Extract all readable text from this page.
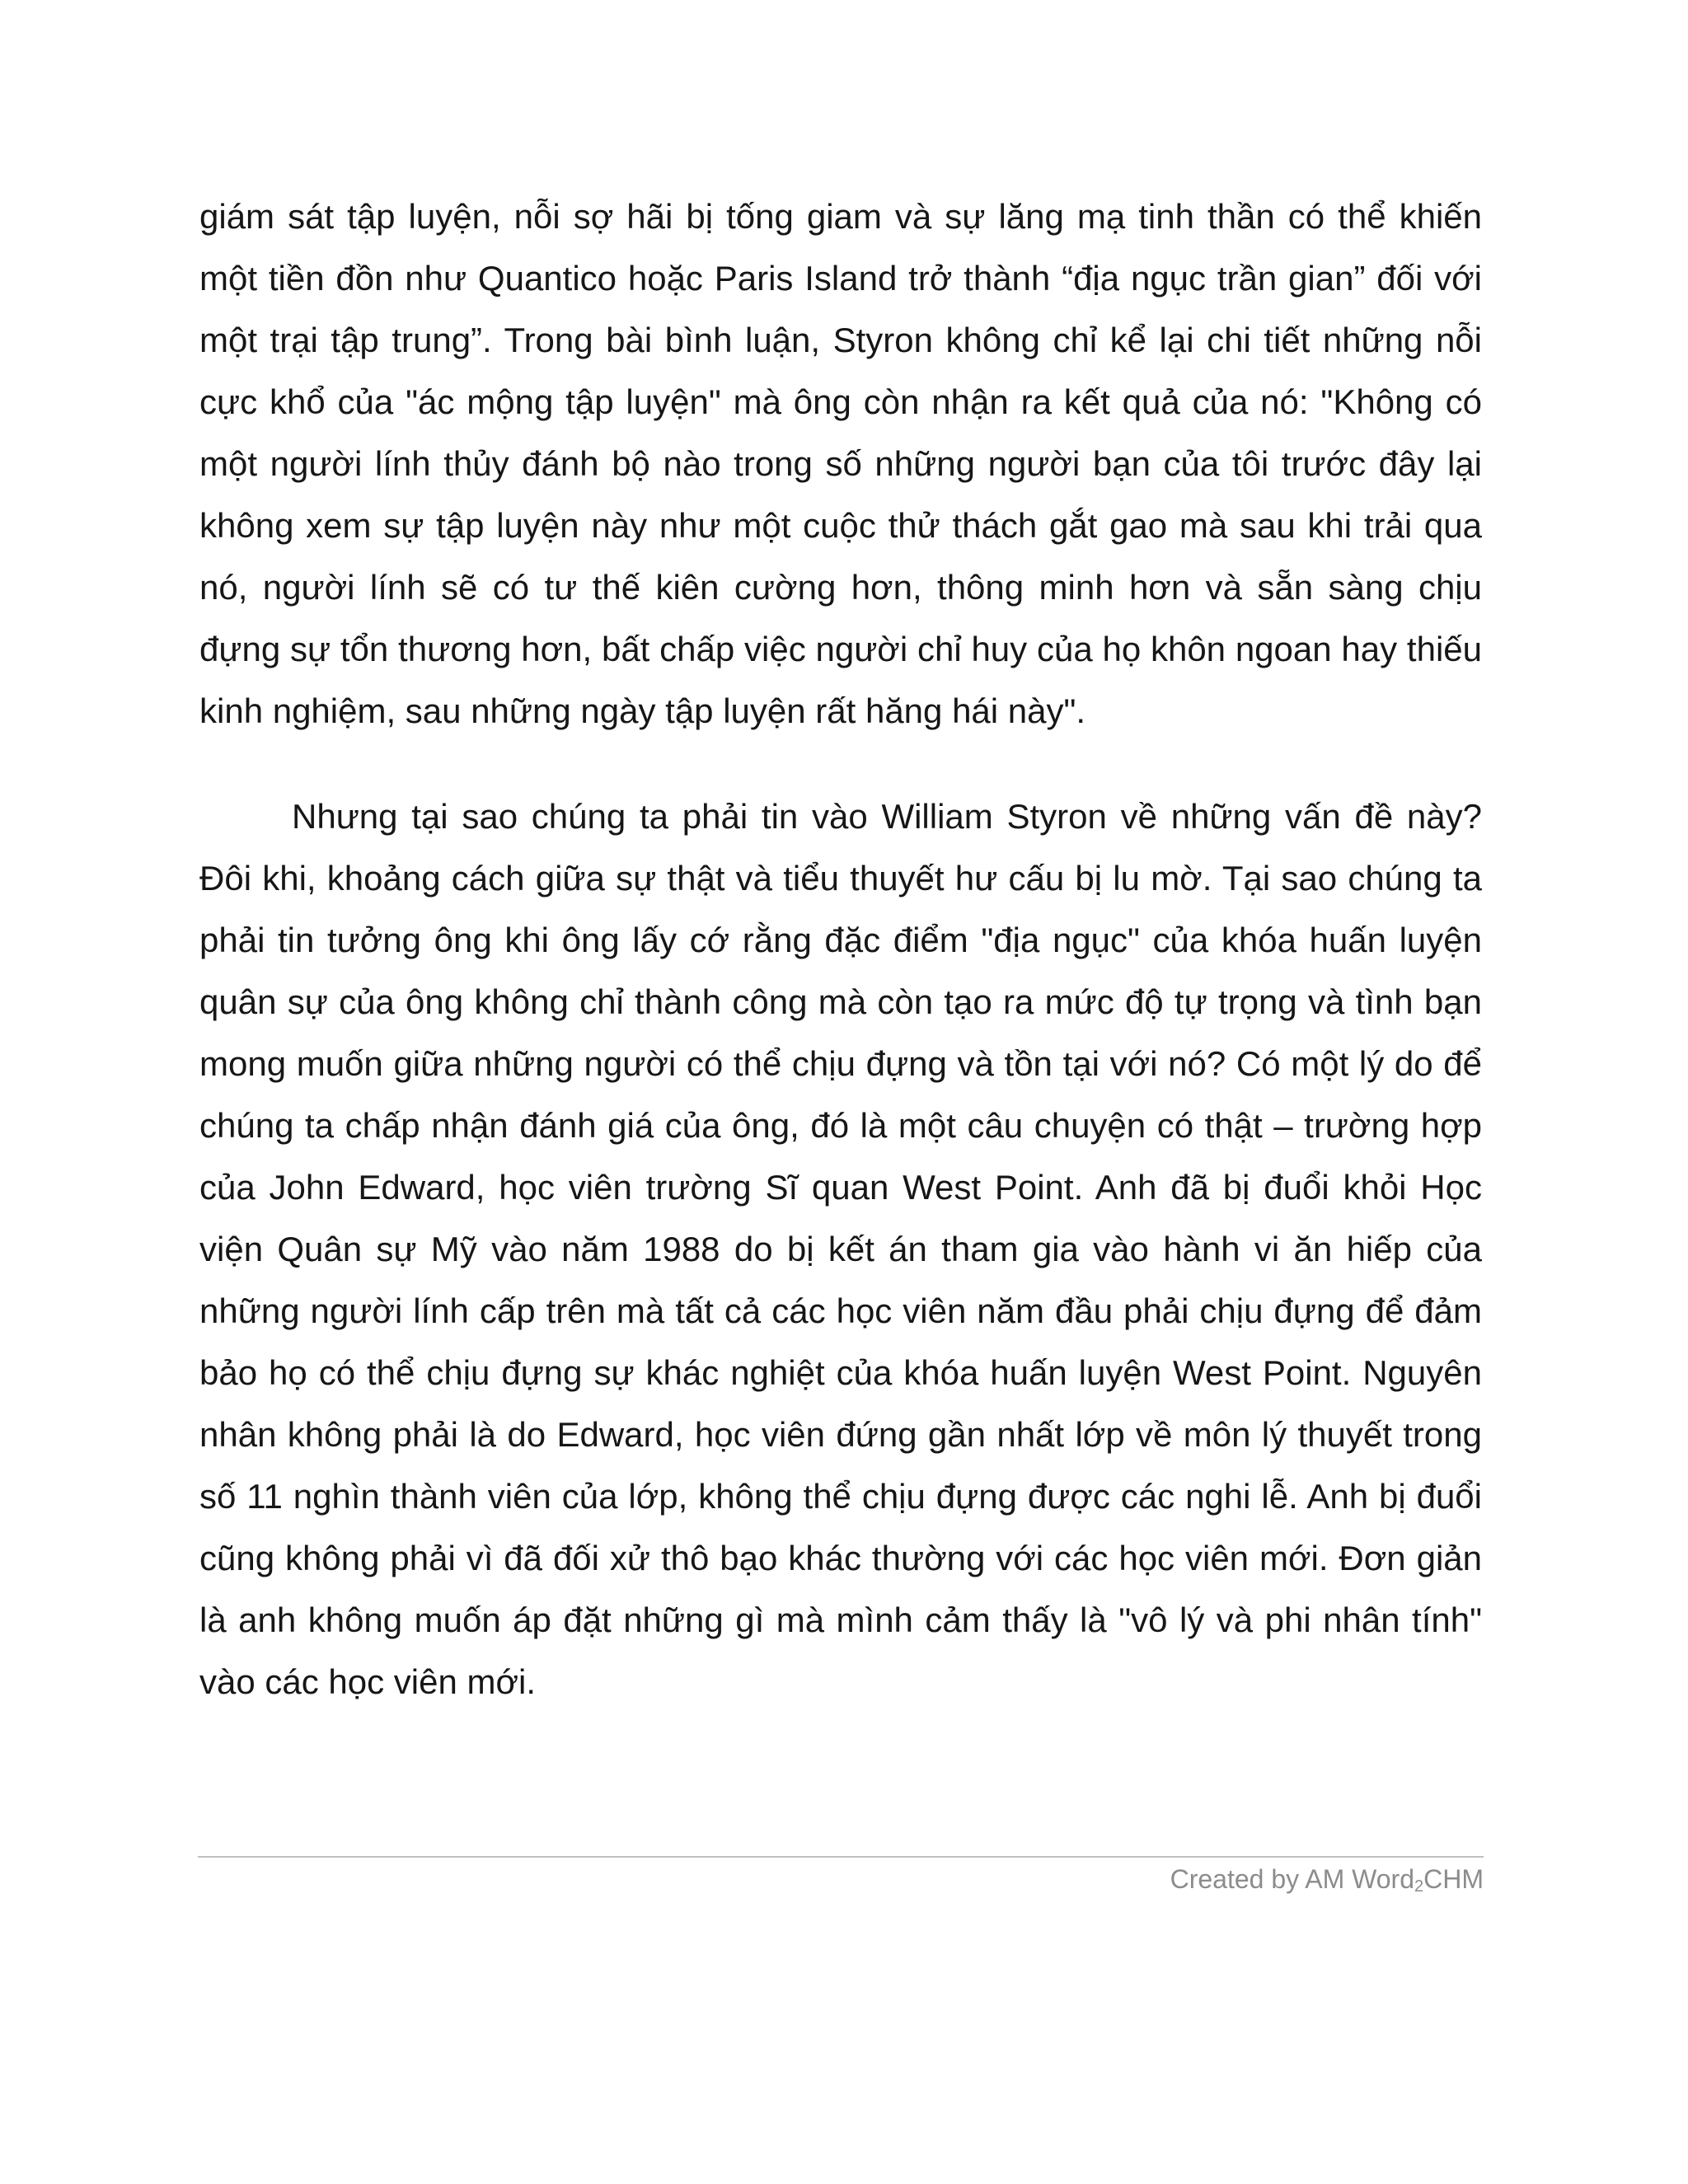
giám sát tập luyện, nỗi sợ hãi bị tống giam và sự lăng mạ tinh thần có thể khiến một tiền đồn như Quantico hoặc Paris Island trở thành “địa ngục trần gian” đối với một trại tập trung”. Trong bài bình luận, Styron không chỉ kể lại chi tiết những nỗi cực khổ của "ác mộng tập luyện" mà ông còn nhận ra kết quả của nó: "Không có một người lính thủy đánh bộ nào trong số những người bạn của tôi trước đây lại không xem sự tập luyện này như một cuộc thử thách gắt gao mà sau khi trải qua nó, người lính sẽ có tư thế kiên cường hơn, thông minh hơn và sẵn sàng chịu đựng sự tổn thương hơn, bất chấp việc người chỉ huy của họ khôn ngoan hay thiếu kinh nghiệm, sau những ngày tập luyện rất hăng hái này".

Nhưng tại sao chúng ta phải tin vào William Styron về những vấn đề này? Đôi khi, khoảng cách giữa sự thật và tiểu thuyết hư cấu bị lu mờ. Tại sao chúng ta phải tin tưởng ông khi ông lấy cớ rằng đặc điểm "địa ngục" của khóa huấn luyện quân sự của ông không chỉ thành công mà còn tạo ra mức độ tự trọng và tình bạn mong muốn giữa những người có thể chịu đựng và tồn tại với nó? Có một lý do để chúng ta chấp nhận đánh giá của ông, đó là một câu chuyện có thật – trường hợp của John Edward, học viên trường Sĩ quan West Point. Anh đã bị đuổi khỏi Học viện Quân sự Mỹ vào năm 1988 do bị kết án tham gia vào hành vi ăn hiếp của những người lính cấp trên mà tất cả các học viên năm đầu phải chịu đựng để đảm bảo họ có thể chịu đựng sự khác nghiệt của khóa huấn luyện West Point. Nguyên nhân không phải là do Edward, học viên đứng gần nhất lớp về môn lý thuyết trong số 11 nghìn thành viên của lớp, không thể chịu đựng được các nghi lễ. Anh bị đuổi cũng không phải vì đã đối xử thô bạo khác thường với các học viên mới. Đơn giản là anh không muốn áp đặt những gì mà mình cảm thấy là "vô lý và phi nhân tính" vào các học viên mới.

Created by AM Word$_2$CHM
